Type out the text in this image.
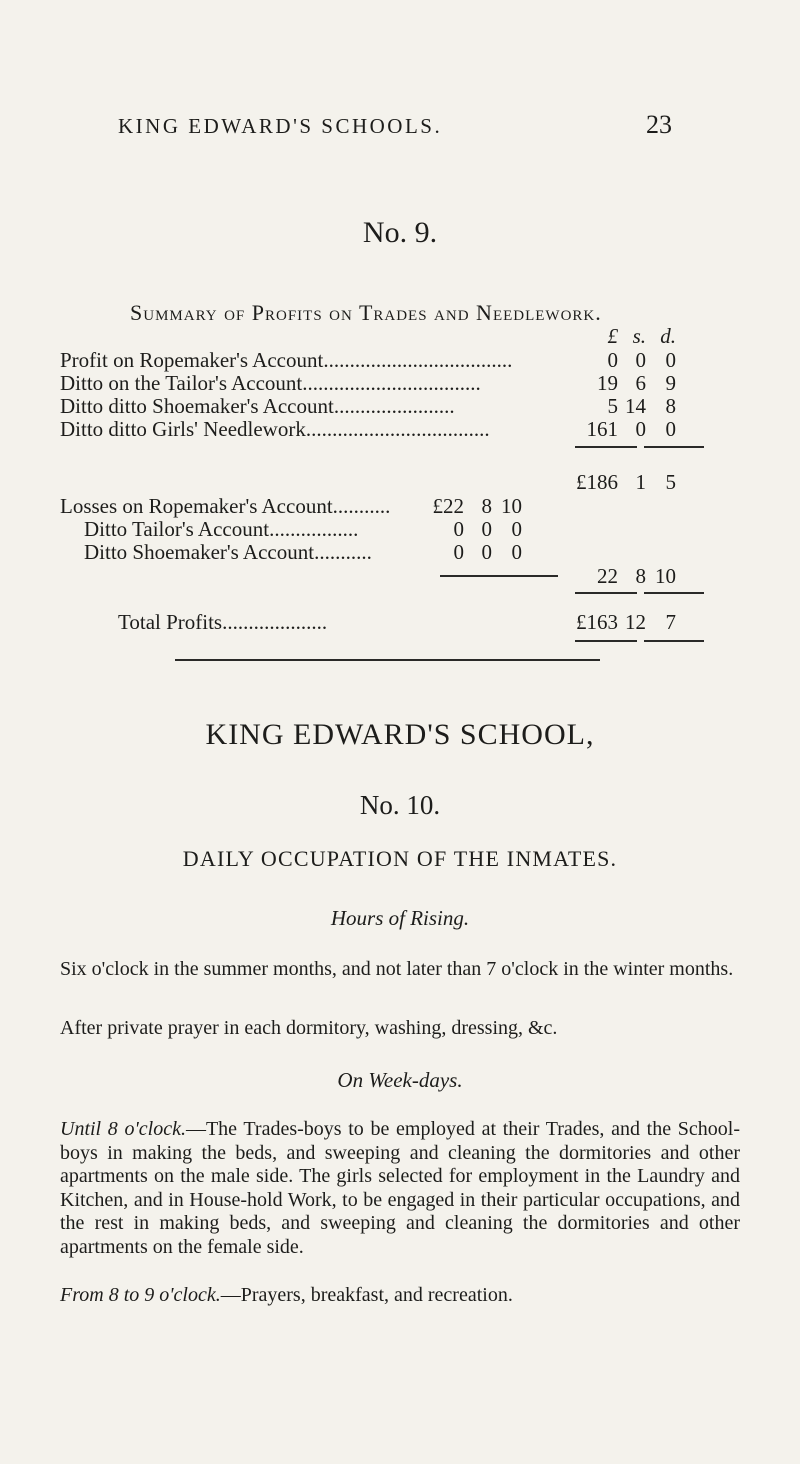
KING EDWARD'S SCHOOLS.	23
No. 9.
Summary of Profits on Trades and Needlework.
£ s. d.
Profit on Ropemaker's Account....................................	0 0 0
Ditto on the Tailor's Account..................................	19 6 9
Ditto ditto Shoemaker's Account.......................	5 14 8
Ditto ditto Girls' Needlework...................................	161 0 0
£186 1 5
Losses on Ropemaker's Account...........	£22 8 10
Ditto Tailor's Account.................	0 0 0
Ditto Shoemaker's Account...........	0 0 0
22 8 10
Total Profits....................	£163 12 7
KING EDWARD'S SCHOOL,
No. 10.
DAILY OCCUPATION OF THE INMATES.
Hours of Rising.

Six o'clock in the summer months, and not later than 7 o'clock in the winter months.

After private prayer in each dormitory, washing, dressing, &c.

On Week-days.

Until 8 o'clock.—The Trades-boys to be employed at their Trades, and the School-boys in making the beds, and sweeping and cleaning the dormitories and other apartments on the male side. The girls selected for employment in the Laundry and Kitchen, and in House-hold Work, to be engaged in their particular occupations, and the rest in making beds, and sweeping and cleaning the dormitories and other apartments on the female side.

From 8 to 9 o'clock.—Prayers, breakfast, and recreation.
